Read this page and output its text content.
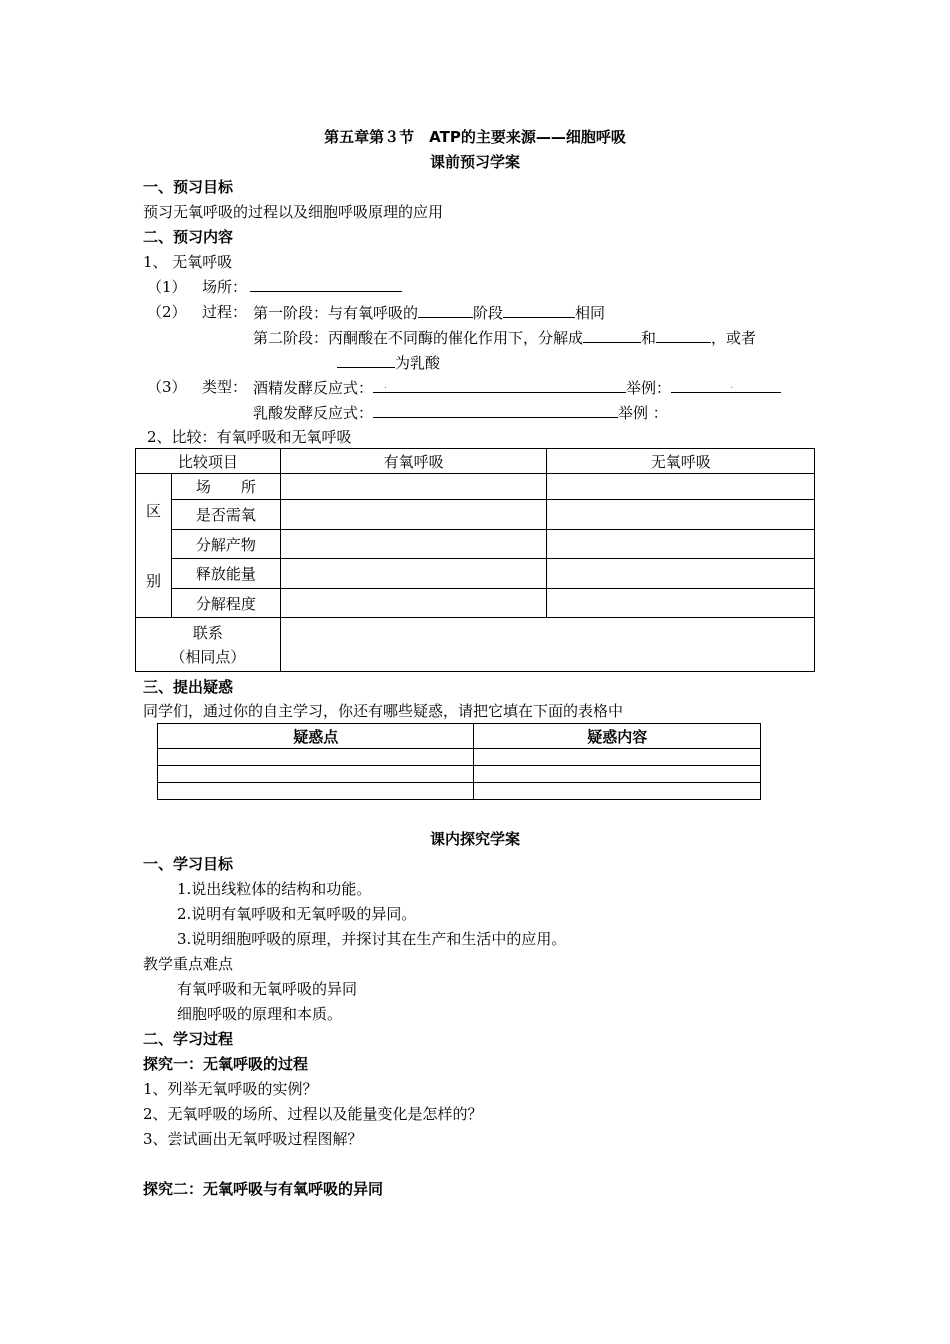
第五章第３节　ATP的主要来源——细胞呼吸
课前预习学案
一、预习目标
预习无氧呼吸的过程以及细胞呼吸原理的应用
二、预习内容
1、 无氧呼吸
（1） 场所：
（2） 过程： 第一阶段：与有氧呼吸的	阶段	相同
第二阶段：丙酮酸在不同酶的催化作用下，分解成	和	，或者
为乳酸
（3） 类型： 酒精发酵反应式：	举例：
.	.
乳酸发酵反应式：	举例 ：
2、比较：有氧呼吸和无氧呼吸
比较项目		有氧呼吸	无氧呼吸

区
别	场　　所		
	是否需氧		
	分解产物		
	释放能量		
	分解程度		

联系
（相同点）			

三、提出疑惑
同学们，通过你的自主学习，你还有哪些疑惑，请把它填在下面的表格中
疑惑点	疑惑内容

课内探究学案
一、学习目标
1.说出线粒体的结构和功能。
2.说明有氧呼吸和无氧呼吸的异同。
3.说明细胞呼吸的原理，并探讨其在生产和生活中的应用。
教学重点难点
有氧呼吸和无氧呼吸的异同
细胞呼吸的原理和本质。
二、学习过程
探究一：无氧呼吸的过程
1、列举无氧呼吸的实例？
2、无氧呼吸的场所、过程以及能量变化是怎样的？
3、尝试画出无氧呼吸过程图解？
探究二：无氧呼吸与有氧呼吸的异同
